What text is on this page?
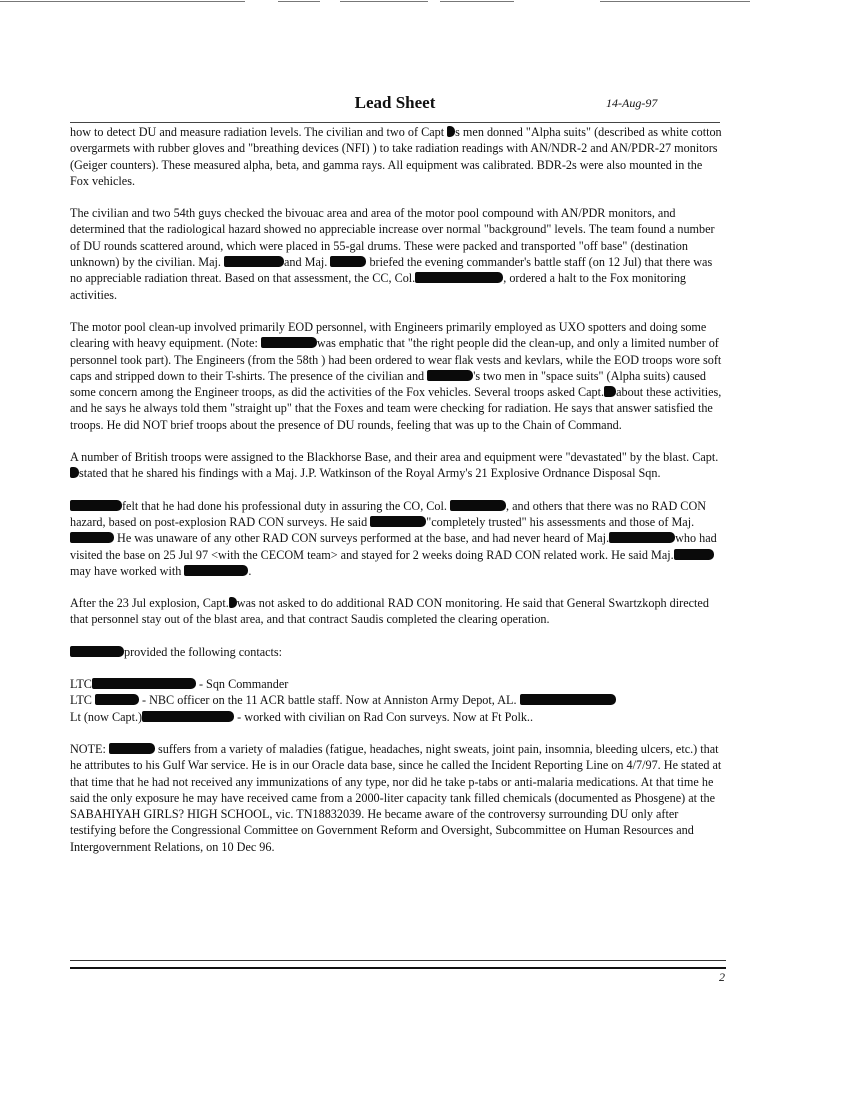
Lead Sheet	14-Aug-97

how to detect DU and measure radiation levels. The civilian and two of Capt s men donned "Alpha suits" (described as white cotton overgarmets with rubber gloves and "breathing devices (NFI) ) to take radiation readings with AN/NDR-2 and AN/PDR-27 monitors (Geiger counters). These measured alpha, beta, and gamma rays. All equipment was calibrated. BDR-2s were also mounted in the Fox vehicles.

The civilian and two 54th guys checked the bivouac area and area of the motor pool compound with AN/PDR monitors, and determined that the radiological hazard showed no appreciable increase over normal "background" levels. The team found a number of DU rounds scattered around, which were placed in 55-gal drums. These were packed and transported "off base" (destination unknown) by the civilian. Maj.	and Maj.	briefed the evening commander's battle staff (on 12 Jul) that there was no appreciable radiation threat. Based on that assessment, the CC, Col.	, ordered a halt to the Fox monitoring activities.

The motor pool clean-up involved primarily EOD personnel, with Engineers primarily employed as UXO spotters and doing some clearing with heavy equipment. (Note:	was emphatic that "the right people did the clean-up, and only a limited number of personnel took part). The Engineers (from the 58th ) had been ordered to wear flak vests and kevlars, while the EOD troops wore soft caps and stripped down to their T-shirts. The presence of the civilian and	's two men in "space suits" (Alpha suits) caused some concern among the Engineer troops, as did the activities of the Fox vehicles. Several troops asked Capt. about these activities, and he says he always told them "straight up" that the Foxes and team were checking for radiation. He says that answer satisfied the troops. He did NOT brief troops about the presence of DU rounds, feeling that was up to the Chain of Command.

A number of British troops were assigned to the Blackhorse Base, and their area and equipment were "devastated" by the blast. Capt.stated that he shared his findings with a Maj. J.P. Watkinson of the Royal Army's 21 Explosive Ordnance Disposal Sqn.

felt that he had done his professional duty in assuring the CO, Col.	, and others that there was no RAD CON hazard, based on post-explosion RAD CON surveys. He said	"completely trusted" his assessments and those of Maj.  He was unaware of any other RAD CON surveys performed at the base, and had never heard of Maj.	who had visited the base on 25 Jul 97 <with the CECOM team> and stayed for 2 weeks doing RAD CON related work. He said Maj. may have worked with	.

After the 23 Jul explosion, Capt. was not asked to do additional RAD CON monitoring. He said that General Swartzkoph directed that personnel stay out of the blast area, and that contract Saudis completed the clearing operation.

provided the following contacts:

LTC	- Sqn Commander
LTC	- NBC officer on the 11 ACR battle staff. Now at Anniston Army Depot, AL.
Lt (now Capt.)	- worked with civilian on Rad Con surveys. Now at Ft Polk..
NOTE:	suffers from a variety of maladies (fatigue, headaches, night sweats, joint pain, insomnia, bleeding ulcers, etc.) that he attributes to his Gulf War service. He is in our Oracle data base, since he called the Incident Reporting Line on 4/7/97. He stated at that time that he had not received any immunizations of any type, nor did he take p-tabs or anti-malaria medications. At that time he said the only exposure he may have received came from a 2000-liter capacity tank filled chemicals (documented as Phosgene) at the SABAHIYAH GIRLS? HIGH SCHOOL, vic. TN18832039. He became aware of the controversy surrounding DU only after testifying before the Congressional Committee on Government Reform and Oversight, Subcommittee on Human Resources and Intergovernment Relations, on 10 Dec 96.
2
